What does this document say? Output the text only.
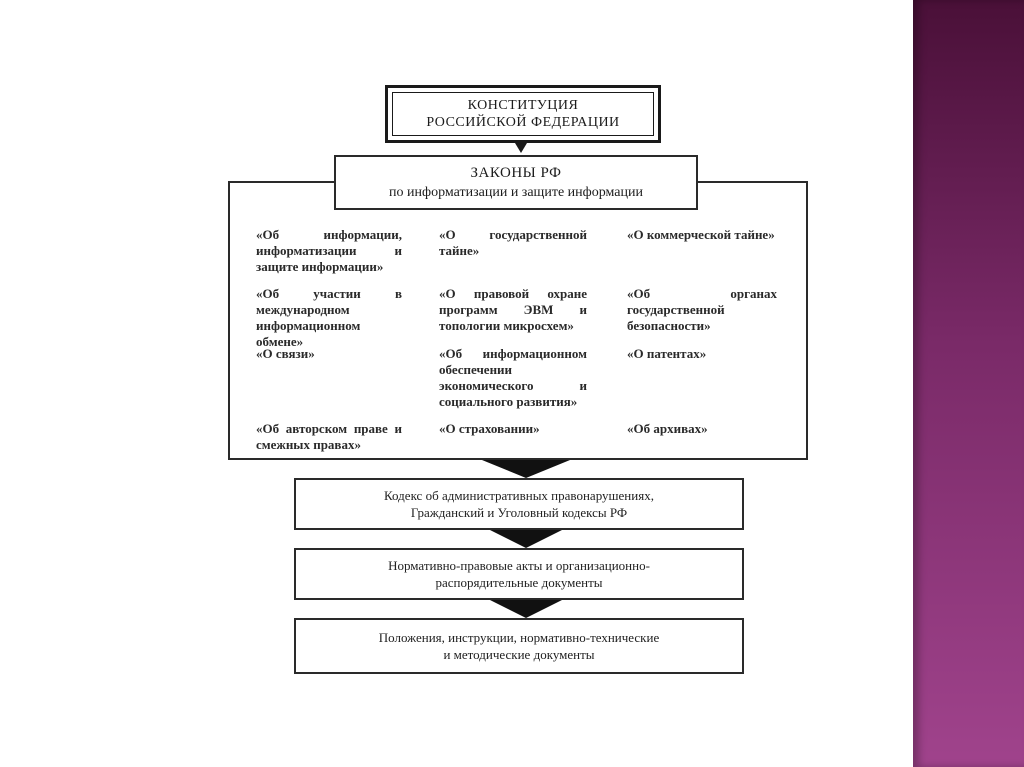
КОНСТИТУЦИЯ
РОССИЙСКОЙ ФЕДЕРАЦИИ
ЗАКОНЫ РФ
по информатизации и защите информации
«Об информации, информатизации и защите информации»
«О государственной тайне»
«О коммерческой тайне»
«Об участии в международном информационном обмене»
«О правовой охране программ ЭВМ и топологии микросхем»
«Об органах государственной безопасности»
«О связи»	«Об информационном обеспечении экономического и социального развития»
«О патентах»
«Об авторском праве и смежных правах»
«О страховании»	«Об архивах»
Кодекс об административных правонарушениях,
Гражданский и Уголовный кодексы РФ
Нормативно-правовые акты и организационно-
распорядительные документы
Положения, инструкции, нормативно-технические
и методические документы
